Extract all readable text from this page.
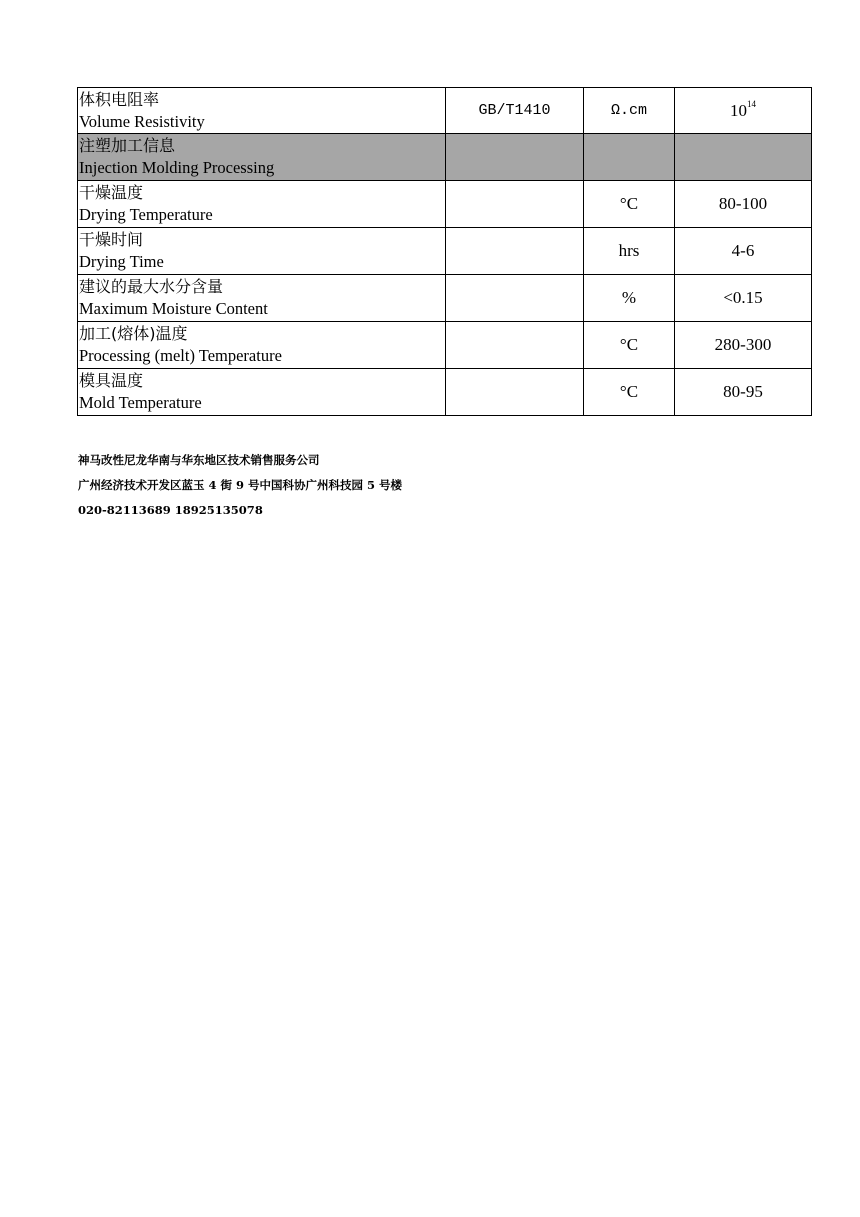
体积电阻率
Volume Resistivity	GB/T1410	Ω.cm	$10^{14}$

注塑加工信息
Injection Molding Processing			

干燥温度
Drying Temperature		°C	80-100

干燥时间
Drying Time		hrs	4-6

建议的最大水分含量
Maximum Moisture Content		%	<0.15

加工(熔体)温度
Processing (melt) Temperature		°C	280-300

模具温度
Mold Temperature		°C	80-95
神马改性尼龙华南与华东地区技术销售服务公司
广州经济技术开发区蓝玉 4 街 9 号中国科协广州科技园 5 号楼
020-82113689 18925135078
